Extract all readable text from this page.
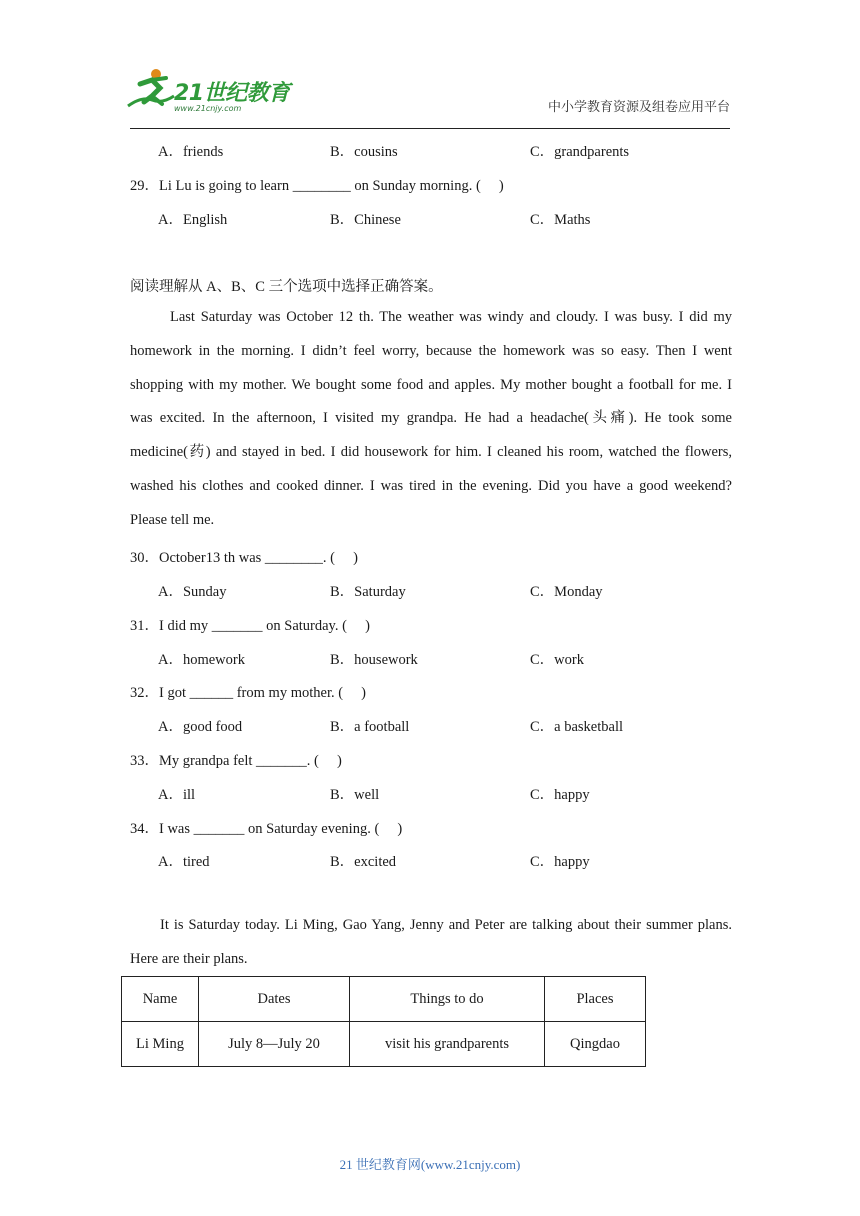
21世纪教育
www.21cnjy.com	中小学教育资源及组卷应用平台
A．friends	B．cousins	C．grandparents
29．Li Lu is going to learn ________ on Sunday morning. (　 )
A．English	B．Chinese	C．Maths
阅读理解从 A、B、C 三个选项中选择正确答案。
Last Saturday was October 12 th. The weather was windy and cloudy. I was busy. I did my homework in the morning. I didn’t feel worry, because the homework was so easy. Then I went shopping with my mother. We bought some food and apples. My mother bought a football for me. I was excited. In the afternoon, I visited my grandpa. He had a headache(头痛). He took some medicine(药) and stayed in bed. I did housework for him. I cleaned his room, watched the flowers, washed his clothes and cooked dinner. I was tired in the evening. Did you have a good weekend? Please tell me.
30．October13 th was ________. (　 )
A．Sunday	B．Saturday	C．Monday
31．I did my _______ on Saturday. (　 )
A．homework	B．housework	C．work
32．I got ______ from my mother. (　 )
A．good food	B．a football	C．a basketball
33．My grandpa felt _______. (　 )
A．ill	B．well	C．happy
34．I was _______ on Saturday evening. (　 )
A．tired	B．excited	C．happy
It is Saturday today. Li Ming, Gao Yang, Jenny and Peter are talking about their summer plans. Here are their plans.
Name	Dates	Things to do	Places
Li Ming	July 8—July 20	visit his grandparents	Qingdao
21 世纪教育网(www.21cnjy.com)
